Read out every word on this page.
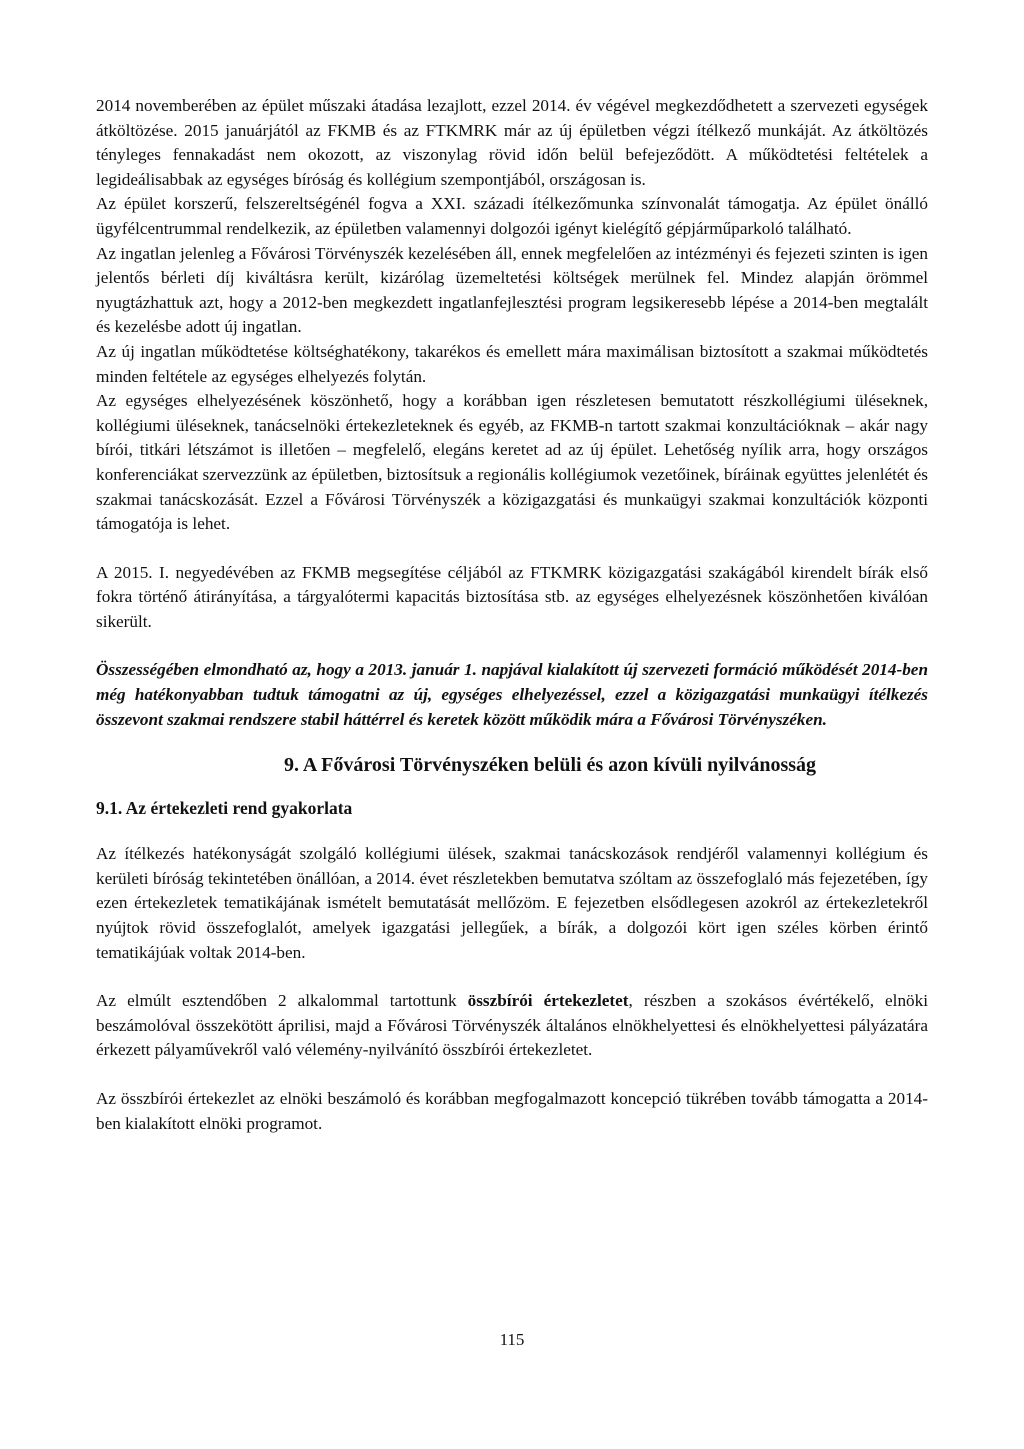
2014 novemberében az épület műszaki átadása lezajlott, ezzel 2014. év végével megkezdődhetett a szervezeti egységek átköltözése. 2015 januárjától az FKMB és az FTKMRK már az új épületben végzi ítélkező munkáját. Az átköltözés tényleges fennakadást nem okozott, az viszonylag rövid időn belül befejeződött. A működtetési feltételek a legideálisabbak az egységes bíróság és kollégium szempontjából, országosan is.

Az épület korszerű, felszereltségénél fogva a XXI. századi ítélkezőmunka színvonalát támogatja. Az épület önálló ügyfélcentrummal rendelkezik, az épületben valamennyi dolgozói igényt kielégítő gépjárműparkoló található.

Az ingatlan jelenleg a Fővárosi Törvényszék kezelésében áll, ennek megfelelően az intézményi és fejezeti szinten is igen jelentős bérleti díj kiváltásra került, kizárólag üzemeltetési költségek merülnek fel. Mindez alapján örömmel nyugtázhattuk azt, hogy a 2012-ben megkezdett ingatlanfejlesztési program legsikeresebb lépése a 2014-ben megtalált és kezelésbe adott új ingatlan.

Az új ingatlan működtetése költséghatékony, takarékos és emellett mára maximálisan biztosított a szakmai működtetés minden feltétele az egységes elhelyezés folytán.

Az egységes elhelyezésének köszönhető, hogy a korábban igen részletesen bemutatott részkollégiumi üléseknek, kollégiumi üléseknek, tanácselnöki értekezleteknek és egyéb, az FKMB-n tartott szakmai konzultációknak – akár nagy bírói, titkári létszámot is illetően – megfelelő, elegáns keretet ad az új épület. Lehetőség nyílik arra, hogy országos konferenciákat szervezzünk az épületben, biztosítsuk a regionális kollégiumok vezetőinek, bíráinak együttes jelenlétét és szakmai tanácskozását. Ezzel a Fővárosi Törvényszék a közigazgatási és munkaügyi szakmai konzultációk központi támogatója is lehet.

A 2015. I. negyedévében az FKMB megsegítése céljából az FTKMRK közigazgatási szakágából kirendelt bírák első fokra történő átirányítása, a tárgyalótermi kapacitás biztosítása stb. az egységes elhelyezésnek köszönhetően kiválóan sikerült.

Összességében elmondható az, hogy a 2013. január 1. napjával kialakított új szervezeti formáció működését 2014-ben még hatékonyabban tudtuk támogatni az új, egységes elhelyezéssel, ezzel a közigazgatási munkaügyi ítélkezés összevont szakmai rendszere stabil háttérrel és keretek között működik mára a Fővárosi Törvényszéken.

9. A Fővárosi Törvényszéken belüli és azon kívüli nyilvánosság
9.1. Az értekezleti rend gyakorlata

Az ítélkezés hatékonyságát szolgáló kollégiumi ülések, szakmai tanácskozások rendjéről valamennyi kollégium és kerületi bíróság tekintetében önállóan, a 2014. évet részletekben bemutatva szóltam az összefoglaló más fejezetében, így ezen értekezletek tematikájának ismételt bemutatását mellőzöm. E fejezetben elsődlegesen azokról az értekezletekről nyújtok rövid összefoglalót, amelyek igazgatási jellegűek, a bírák, a dolgozói kört igen széles körben érintő tematikájúak voltak 2014-ben.

Az elmúlt esztendőben 2 alkalommal tartottunk összbírói értekezletet, részben a szokásos évértékelő, elnöki beszámolóval összekötött áprilisi, majd a Fővárosi Törvényszék általános elnökhelyettesi és elnökhelyettesi pályázatára érkezett pályaművekről való vélemény-nyilvánító összbírói értekezletet.

Az összbírói értekezlet az elnöki beszámoló és korábban megfogalmazott koncepció tükrében tovább támogatta a 2014-ben kialakított elnöki programot.

115
